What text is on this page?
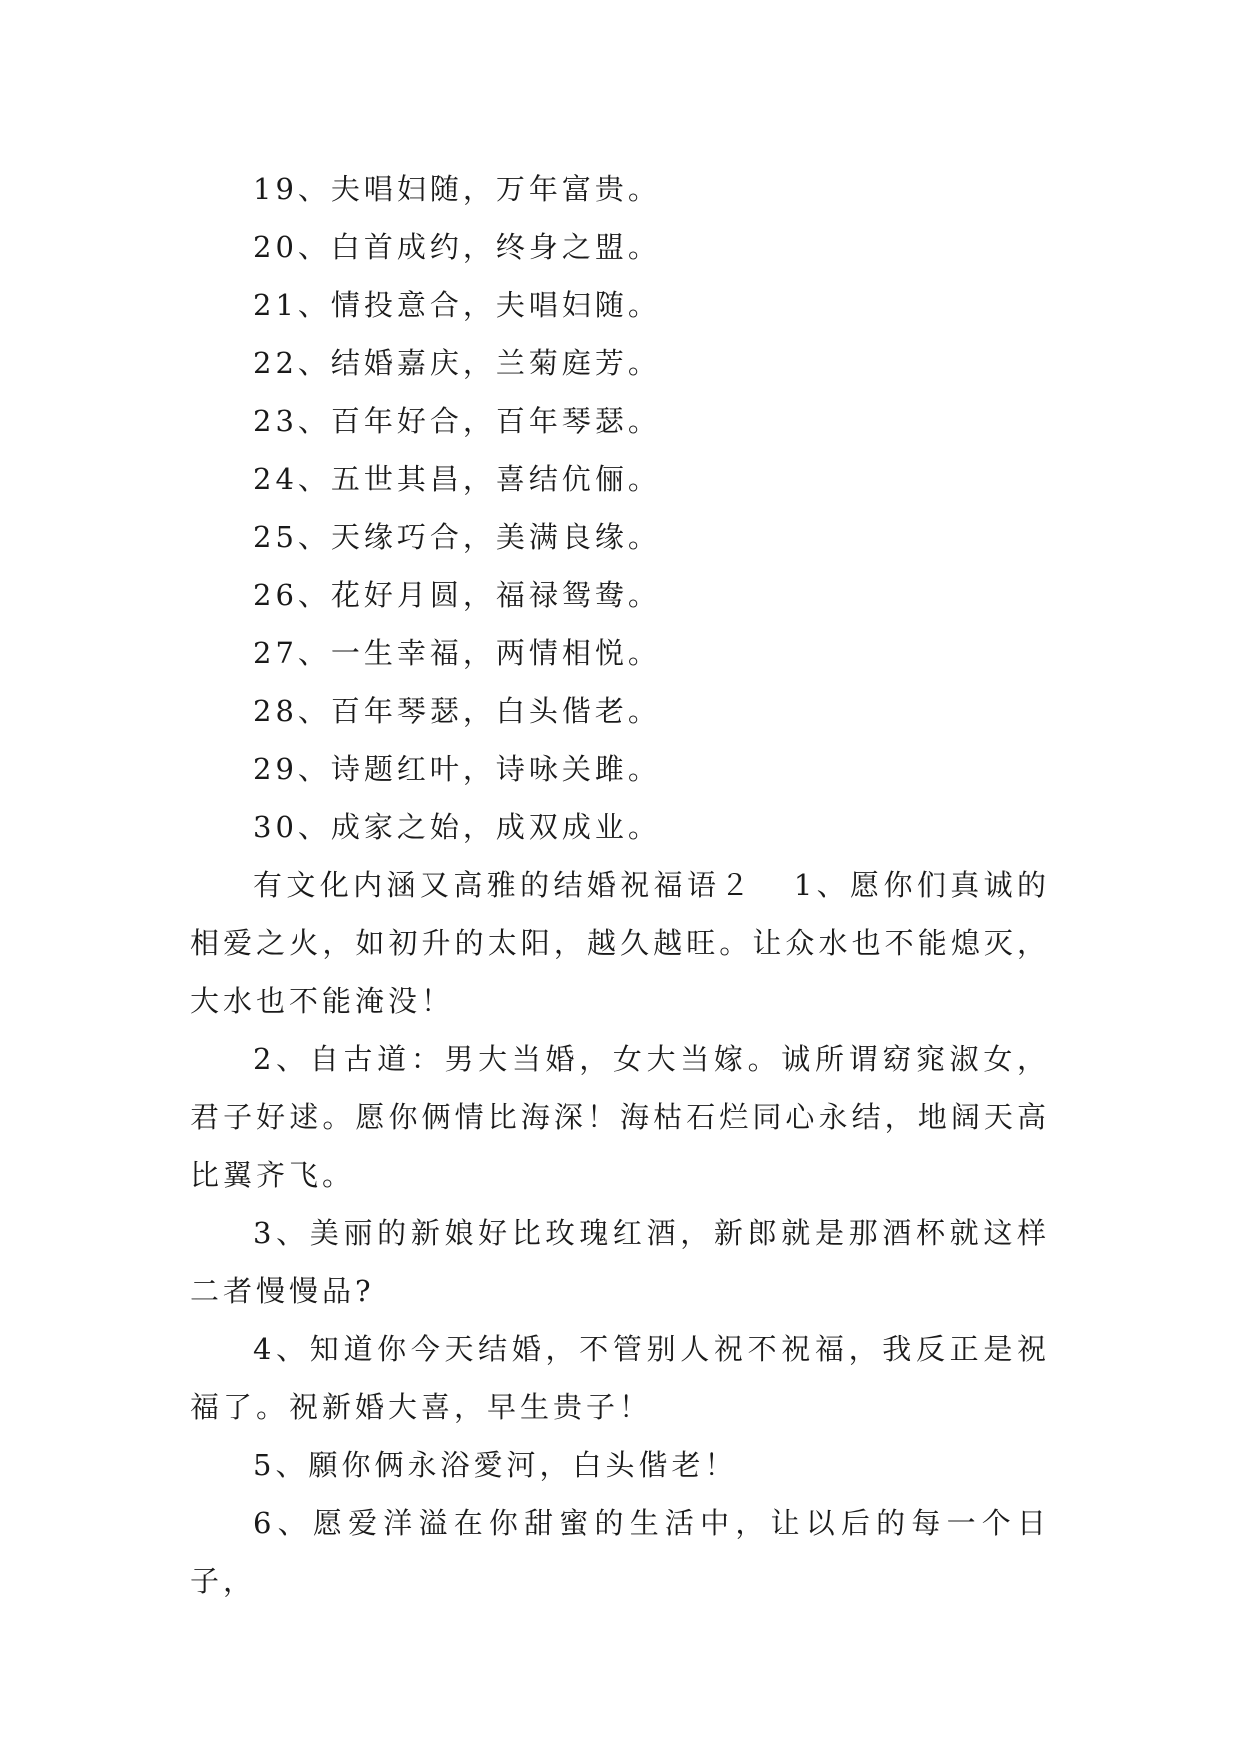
19、夫唱妇随，万年富贵。
20、白首成约，终身之盟。
21、情投意合，夫唱妇随。
22、结婚嘉庆，兰菊庭芳。
23、百年好合，百年琴瑟。
24、五世其昌，喜结伉俪。
25、天缘巧合，美满良缘。
26、花好月圆，福禄鸳鸯。
27、一生幸福，两情相悦。
28、百年琴瑟，白头偕老。
29、诗题红叶，诗咏关雎。
30、成家之始，成双成业。

有文化内涵又高雅的结婚祝福语２ 1、愿你们真诚的相爱之火，如初升的太阳，越久越旺。让众水也不能熄灭，大水也不能淹没！

2、自古道：男大当婚，女大当嫁。诚所谓窈窕淑女，君子好逑。愿你俩情比海深！海枯石烂同心永结，地阔天高比翼齐飞。

3、美丽的新娘好比玫瑰红酒，新郎就是那酒杯就这样二者慢慢品?

4、知道你今天结婚，不管别人祝不祝福，我反正是祝福了。祝新婚大喜，早生贵子！

5、願你俩永浴愛河，白头偕老！

6、愿爱洋溢在你甜蜜的生活中，让以后的每一个日子，
